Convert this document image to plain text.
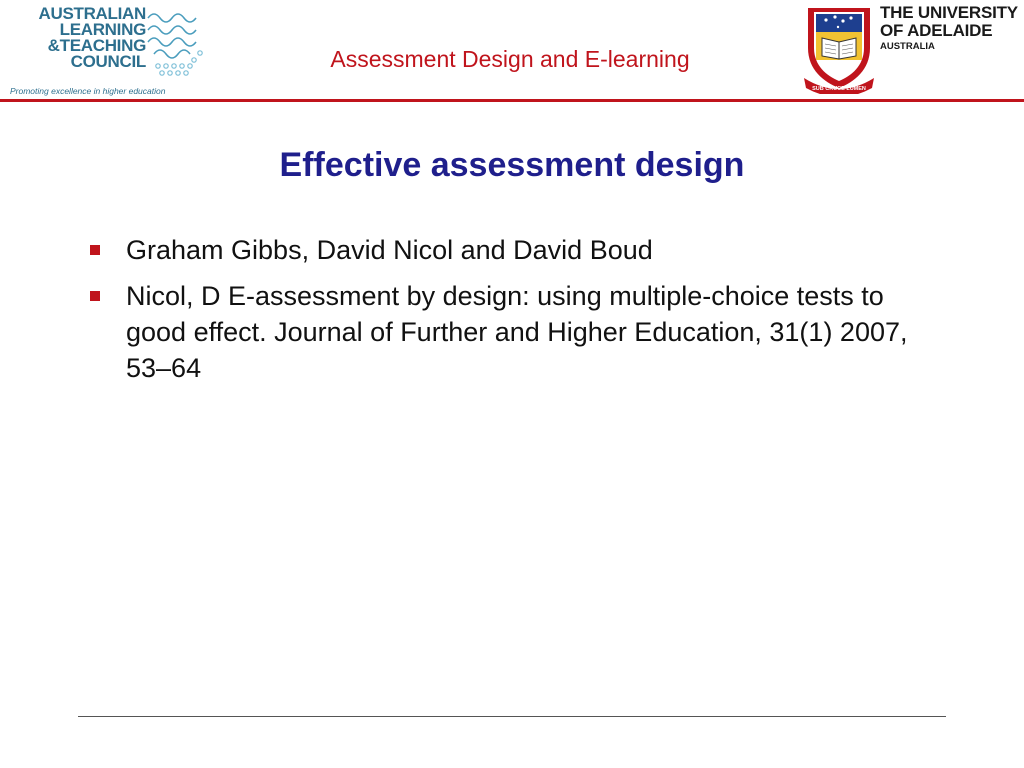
AUSTRALIAN
LEARNING
&TEACHING
COUNCIL
Promoting excellence in higher education
Assessment Design and E-learning
SUB CRUCE LUMEN
THE UNIVERSITY
OF ADELAIDE
AUSTRALIA
Effective assessment design
Graham Gibbs, David Nicol and David Boud
Nicol, D E-assessment by design: using multiple-choice tests to good effect. Journal of Further and Higher Education, 31(1) 2007, 53–64
